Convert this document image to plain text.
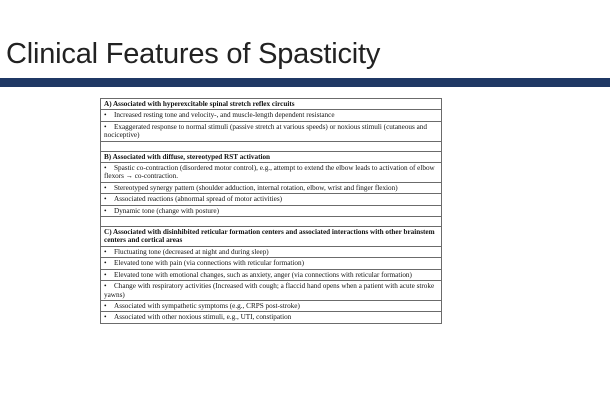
Clinical Features of Spasticity
A) Associated with hyperexcitable spinal stretch reflex circuits
• Increased resting tone and velocity-, and muscle-length dependent resistance
• Exaggerated response to normal stimuli (passive stretch at various speeds) or noxious stimuli (cutaneous and nociceptive)

B) Associated with diffuse, stereotyped RST activation
• Spastic co-contraction (disordered motor control), e.g., attempt to extend the elbow leads to activation of elbow flexors → co-contraction.
• Stereotyped synergy pattern (shoulder adduction, internal rotation, elbow, wrist and finger flexion)
• Associated reactions (abnormal spread of motor activities)
• Dynamic tone (change with posture)

C) Associated with disinhibited reticular formation centers and associated interactions with other brainstem centers and cortical areas
• Fluctuating tone (decreased at night and during sleep)
• Elevated tone with pain (via connections with reticular formation)
• Elevated tone with emotional changes, such as anxiety, anger (via connections with reticular formation)
• Change with respiratory activities (Increased with cough; a flaccid hand opens when a patient with acute stroke yawns)
• Associated with sympathetic symptoms (e.g., CRPS post-stroke)
• Associated with other noxious stimuli, e.g., UTI, constipation
